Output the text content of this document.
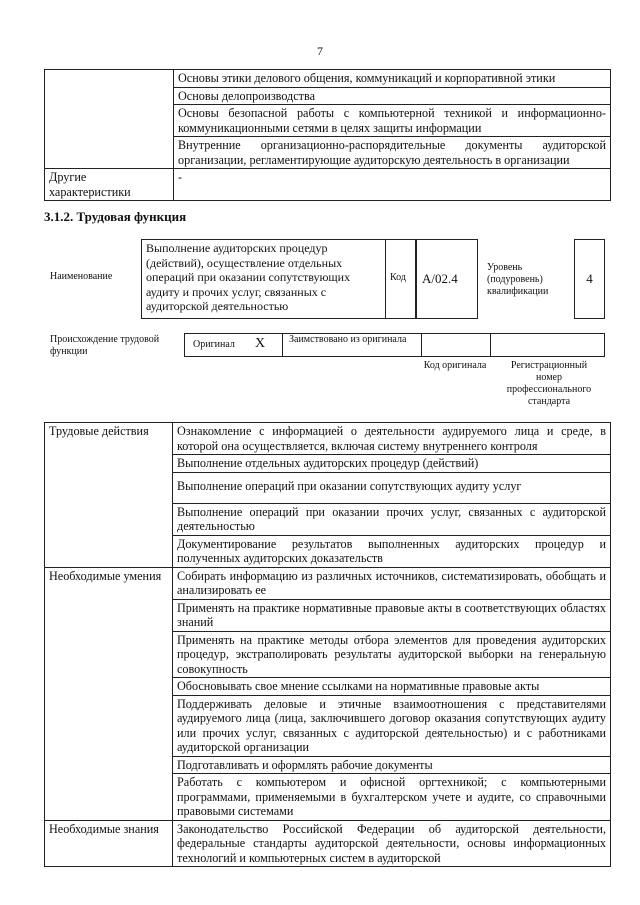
7
	Основы этики делового общения, коммуникаций и корпоративной этики
	Основы делопроизводства
	Основы безопасной работы с компьютерной техникой и информационно-коммуникационными сетями в целях защиты информации
	Внутренние организационно-распорядительные документы аудиторской организации, регламентирующие аудиторскую деятельность в организации
Другие характеристики	-
3.1.2. Трудовая функция
Наименование
Выполнение аудиторских процедур (действий), осуществление отдельных операций при оказании сопутствующих аудиту и прочих услуг, связанных с аудиторской деятельностью
Код A/02.4
Уровень (подуровень) квалификации
4
Происхождение трудовой функции
Оригинал X Заимствовано из оригинала
Код оригинала	Регистрационный номер профессионального стандарта
Трудовые действия	Ознакомление с информацией о деятельности аудируемого лица и среде, в которой она осуществляется, включая систему внутреннего контроля
	Выполнение отдельных аудиторских процедур (действий)
	Выполнение операций при оказании сопутствующих аудиту услуг
	Выполнение операций при оказании прочих услуг, связанных с аудиторской деятельностью
	Документирование результатов выполненных аудиторских процедур и полученных аудиторских доказательств
Необходимые умения	Собирать информацию из различных источников, систематизировать, обобщать и анализировать ее
	Применять на практике нормативные правовые акты в соответствующих областях знаний
	Применять на практике методы отбора элементов для проведения аудиторских процедур, экстраполировать результаты аудиторской выборки на генеральную совокупность
	Обосновывать свое мнение ссылками на нормативные правовые акты
	Поддерживать деловые и этичные взаимоотношения с представителями аудируемого лица (лица, заключившего договор оказания сопутствующих аудиту или прочих услуг, связанных с аудиторской деятельностью) и с работниками аудиторской организации
	Подготавливать и оформлять рабочие документы
	Работать с компьютером и офисной оргтехникой; с компьютерными программами, применяемыми в бухгалтерском учете и аудите, со справочными правовыми системами
Необходимые знания	Законодательство Российской Федерации об аудиторской деятельности, федеральные стандарты аудиторской деятельности, основы информационных технологий и компьютерных систем в аудиторской
